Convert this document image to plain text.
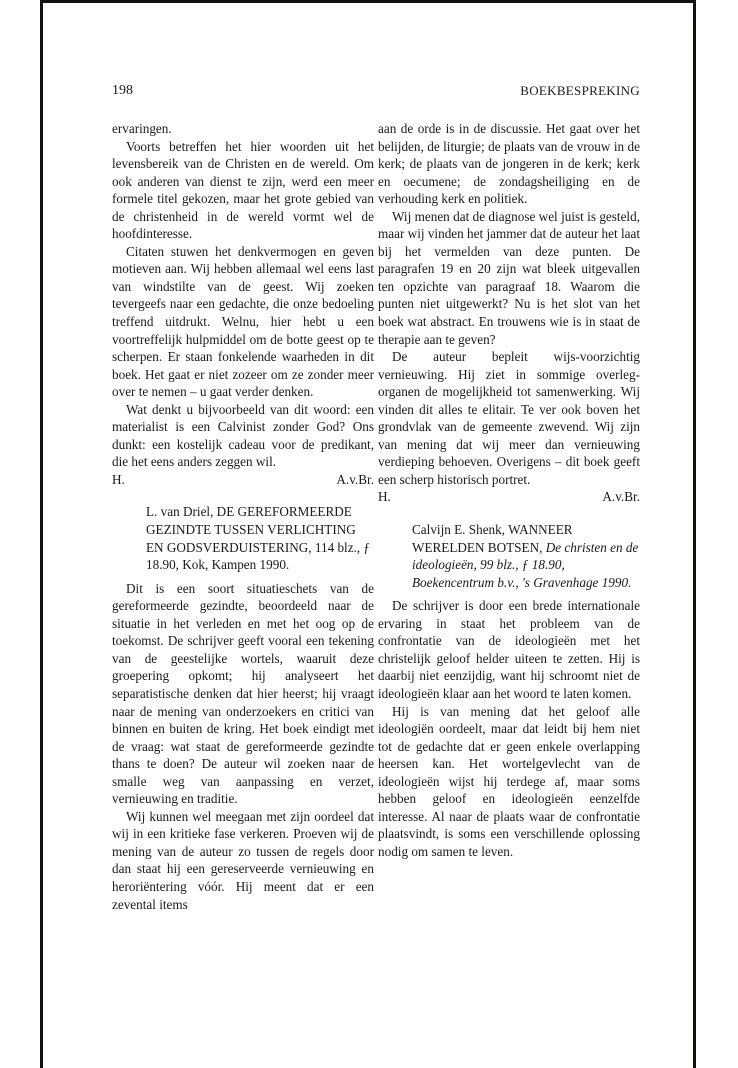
198	BOEKBESPREKING

ervaringen.

Voorts betreffen het hier woorden uit het levensbereik van de Christen en de wereld. Om ook anderen van dienst te zijn, werd een meer formele titel gekozen, maar het grote gebied van de christenheid in de wereld vormt wel de hoofdinteresse.

Citaten stuwen het denkvermogen en geven motieven aan. Wij hebben allemaal wel eens last van windstilte van de geest. Wij zoeken tevergeefs naar een gedachte, die onze bedoeling treffend uitdrukt. Welnu, hier hebt u een voortreffelijk hulpmiddel om de botte geest op te scherpen. Er staan fonkelende waarheden in dit boek. Het gaat er niet zozeer om ze zonder meer over te nemen – u gaat verder denken.

Wat denkt u bijvoorbeeld van dit woord: een materialist is een Calvinist zonder God? Ons dunkt: een kostelijk cadeau voor de predikant, die het eens anders zeggen wil.

H.	A.v.Br.
L. van Driel, DE GEREFORMEERDE GEZINDTE TUSSEN VERLICHTING EN GODSVERDUISTERING, 114 blz., ƒ 18.90, Kok, Kampen 1990.

Dit is een soort situatieschets van de gereformeerde gezindte, beoordeeld naar de situatie in het verleden en met het oog op de toekomst. De schrijver geeft vooral een tekening van de geestelijke wortels, waaruit deze groepering opkomt; hij analyseert het separatistische denken dat hier heerst; hij vraagt naar de mening van onderzoekers en critici van binnen en buiten de kring. Het boek eindigt met de vraag: wat staat de gereformeerde gezindte thans te doen? De auteur wil zoeken naar de smalle weg van aanpassing en verzet, vernieuwing en traditie.

Wij kunnen wel meegaan met zijn oordeel dat wij in een kritieke fase verkeren. Proeven wij de mening van de auteur zo tussen de regels door dan staat hij een gereserveerde vernieuwing en heroriëntering vóór. Hij meent dat er een zevental items

aan de orde is in de discussie. Het gaat over het belijden, de liturgie; de plaats van de vrouw in de kerk; de plaats van de jongeren in de kerk; kerk en oecumene; de zondagsheiliging en de verhouding kerk en politiek.

Wij menen dat de diagnose wel juist is gesteld, maar wij vinden het jammer dat de auteur het laat bij het vermelden van deze punten. De paragrafen 19 en 20 zijn wat bleek uitgevallen ten opzichte van paragraaf 18. Waarom die punten niet uitgewerkt? Nu is het slot van het boek wat abstract. En trouwens wie is in staat de therapie aan te geven?

De auteur bepleit wijs-voorzichtig vernieuwing. Hij ziet in sommige overleg-organen de mogelijkheid tot samenwerking. Wij vinden dit alles te elitair. Te ver ook boven het grondvlak van de gemeente zwevend. Wij zijn van mening dat wij meer dan vernieuwing verdieping behoeven. Overigens – dit boek geeft een scherp historisch portret.

H.	A.v.Br.
Calvijn E. Shenk, WANNEER WERELDEN BOTSEN, De christen en de ideologieën, 99 blz., ƒ 18.90, Boekencentrum b.v., 's Gravenhage 1990.

De schrijver is door een brede internationale ervaring in staat het probleem van de confrontatie van de ideologieën met het christelijk geloof helder uiteen te zetten. Hij is daarbij niet eenzijdig, want hij schroomt niet de ideologieën klaar aan het woord te laten komen.

Hij is van mening dat het geloof alle ideologiën oordeelt, maar dat leidt bij hem niet tot de gedachte dat er geen enkele overlapping heersen kan. Het wortelgevlecht van de ideologieën wijst hij terdege af, maar soms hebben geloof en ideologieën eenzelfde interesse. Al naar de plaats waar de confrontatie plaatsvindt, is soms een verschillende oplossing nodig om samen te leven.
